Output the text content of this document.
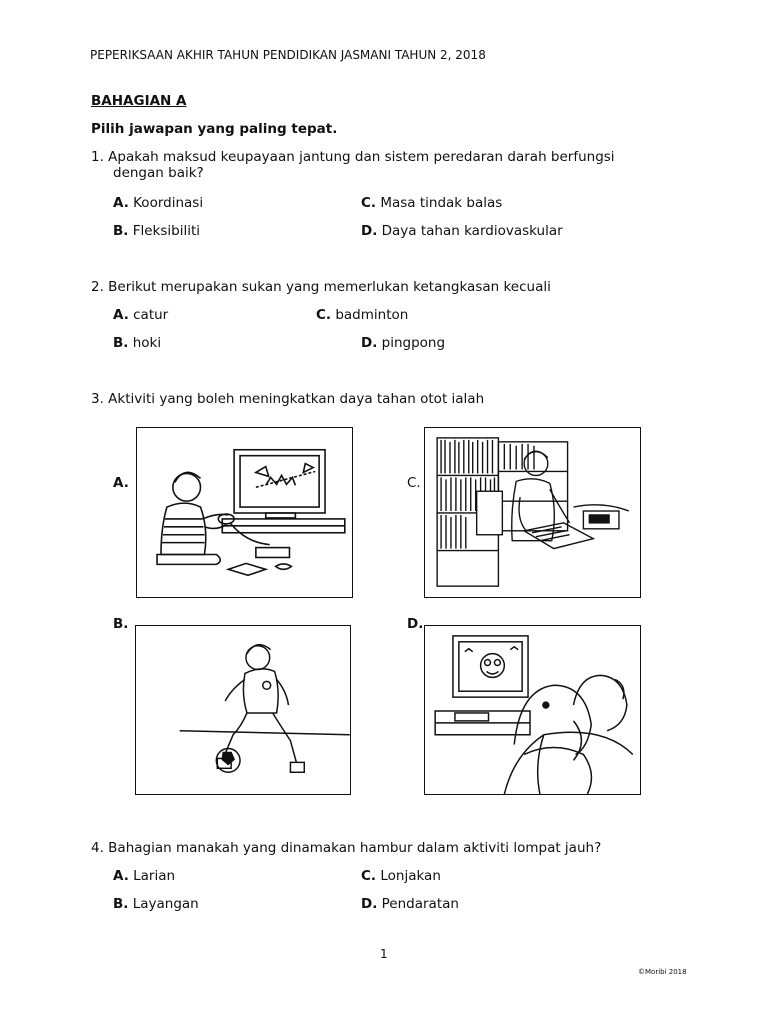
PEPERIKSAAN AKHIR TAHUN PENDIDIKAN JASMANI TAHUN 2, 2018
BAHAGIAN A
Pilih jawapan yang paling tepat.
1. Apakah maksud keupayaan jantung dan sistem peredaran darah berfungsi
dengan baik?
A. Koordinasi	C. Masa tindak balas
B. Fleksibiliti	D. Daya tahan kardiovaskular
2. Berikut merupakan sukan yang memerlukan ketangkasan kecuali
A. catur	C. badminton
B. hoki	D. pingpong
3. Aktiviti yang boleh meningkatkan daya tahan otot ialah
A.	C.
B.	D.
4. Bahagian manakah yang dinamakan hambur dalam aktiviti lompat jauh?
A. Larian	C. Lonjakan
B. Layangan	D. Pendaratan
1
©Moribi 2018
